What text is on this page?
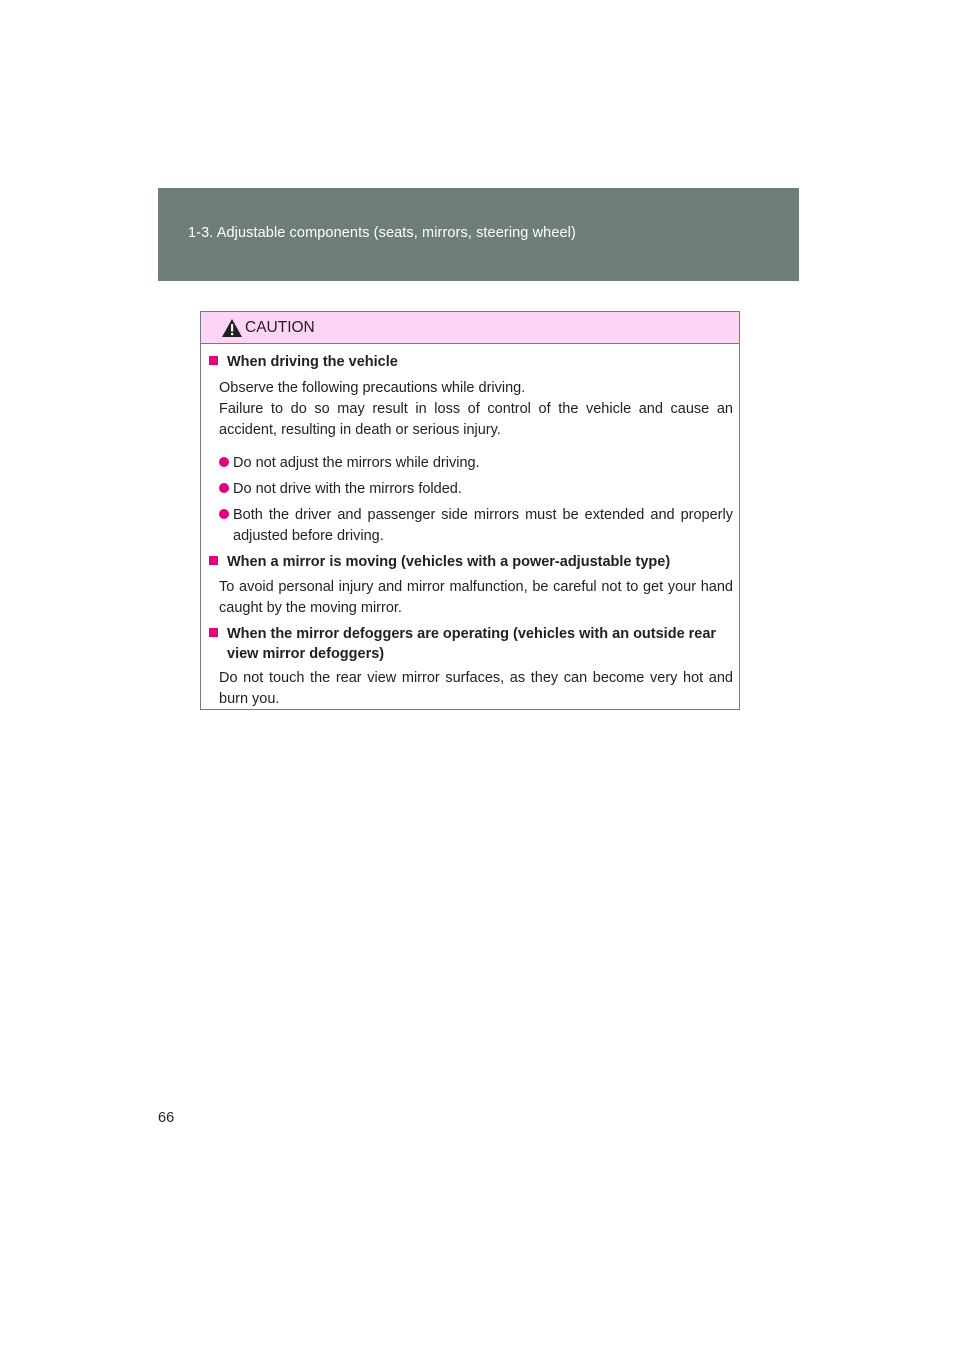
1-3. Adjustable components (seats, mirrors, steering wheel)
CAUTION
When driving the vehicle
Observe the following precautions while driving.
Failure to do so may result in loss of control of the vehicle and cause an accident, resulting in death or serious injury.
Do not adjust the mirrors while driving.
Do not drive with the mirrors folded.
Both the driver and passenger side mirrors must be extended and properly adjusted before driving.
When a mirror is moving (vehicles with a power-adjustable type)
To avoid personal injury and mirror malfunction, be careful not to get your hand caught by the moving mirror.
When the mirror defoggers are operating (vehicles with an outside rear view mirror defoggers)
Do not touch the rear view mirror surfaces, as they can become very hot and burn you.
66
